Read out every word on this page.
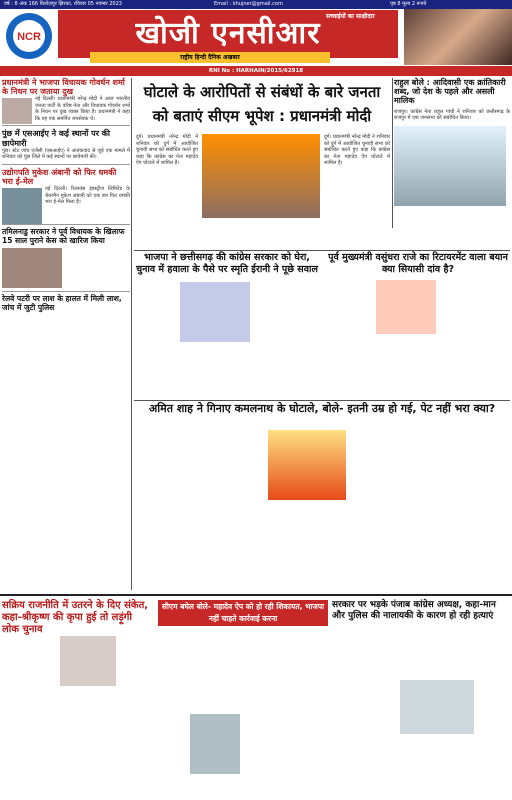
वर्ष : 8 अंक 166 फ़िरोज़पुर झिरका, रविवार 05 नवम्बर 2023	Email : khujner@gmail.com	पृष्ठ 8 मूल्य 2 रूपये
NCR	खोजी एनसीआर सच्चाईयों का साक्षीदार
राष्ट्रीय हिन्दी दैनिक अखबार
RNI No : HARHAIN/2015/62918
प्रधानमंत्री ने भाजपा विधायक गोवर्धन शर्मा के निधन पर जताया दुख
नई दिल्ली। प्रधानमंत्री नरेन्द्र मोदी ने आज भारतीय जनता पार्टी के वरिष्ठ नेता और विधायक गोवर्धन शर्मा के निधन पर दुख व्यक्त किया है। प्रधानमंत्री ने कहा कि वह एक समर्पित जनसेवक थे।
पुंछ में एसआईए ने कई स्थानों पर की छापेमारी
पुंछ। स्टेट जांच एजेंसी (एसआईए) ने आतंकवाद से जुड़े एक मामले में शनिवार को पुंछ जिले में कई स्थानों पर छापेमारी की।
उद्योगपति मुकेश अंबानी को फिर धमकी भरा ई-मेल
नई दिल्ली। रिलायंस इंडस्ट्रीज लिमिटेड के चेयरमैन मुकेश अंबानी को एक बार फिर धमकी भरा ई-मेल मिला है।
तमिलनाडु सरकार ने पूर्व विधायक के खिलाफ 15 साल पुराने केस को खारिज किया
रेलवे पटरी पर लाश के हालत में मिली लाश, जांच में जुटी पुलिस
घोटाले के आरोपितों से संबंधों के बारे जनता को बताएं सीएम भूपेश : प्रधानमंत्री मोदी
दुर्ग। प्रधानमंत्री नरेन्द्र मोदी ने शनिवार को दुर्ग में आयोजित चुनावी सभा को संबोधित करते हुए कहा कि कांग्रेस का नेता महादेव ऐप घोटाले में शामिल है।
दुर्ग। प्रधानमंत्री नरेन्द्र मोदी ने शनिवार को दुर्ग में आयोजित चुनावी सभा को संबोधित करते हुए कहा कि कांग्रेस का नेता महादेव ऐप घोटाले में शामिल है।
राहुल बोले : आदिवासी एक क्रांतिकारी शब्द, जो देश के पहले और असली मालिक
राजपुर। कांग्रेस नेता राहुल गांधी ने शनिवार को छत्तीसगढ़ के राजपुर में एक जनसभा को संबोधित किया।
भाजपा ने छत्तीसगढ़ की कांग्रेस सरकार को घेरा, चुनाव में हवाला के पैसे पर स्मृति ईरानी ने पूछे सवाल
पूर्व मुख्यमंत्री वसुंधरा राजे का रिटायरमेंट वाला बयान क्या सियासी दांव है?
अमित शाह ने गिनाए कमलनाथ के घोटाले, बोले- इतनी उम्र हो गई, पेट नहीं भरा क्या?
सक्रिय राजनीति में उतरने के दिए संकेत, कहा-श्रीकृष्ण की कृपा हुई तो लड़ूंगी लोक चुनाव
सीएम बघेल बोले- महादेव ऐप को हो रही शिकायत, भाजपा नहीं चाहते कार्रवाई करना
सरकार पर भड़के पंजाब कांग्रेस अध्यक्ष, कहा-मान और पुलिस की नालायकी के कारण हो रही हत्याएं
